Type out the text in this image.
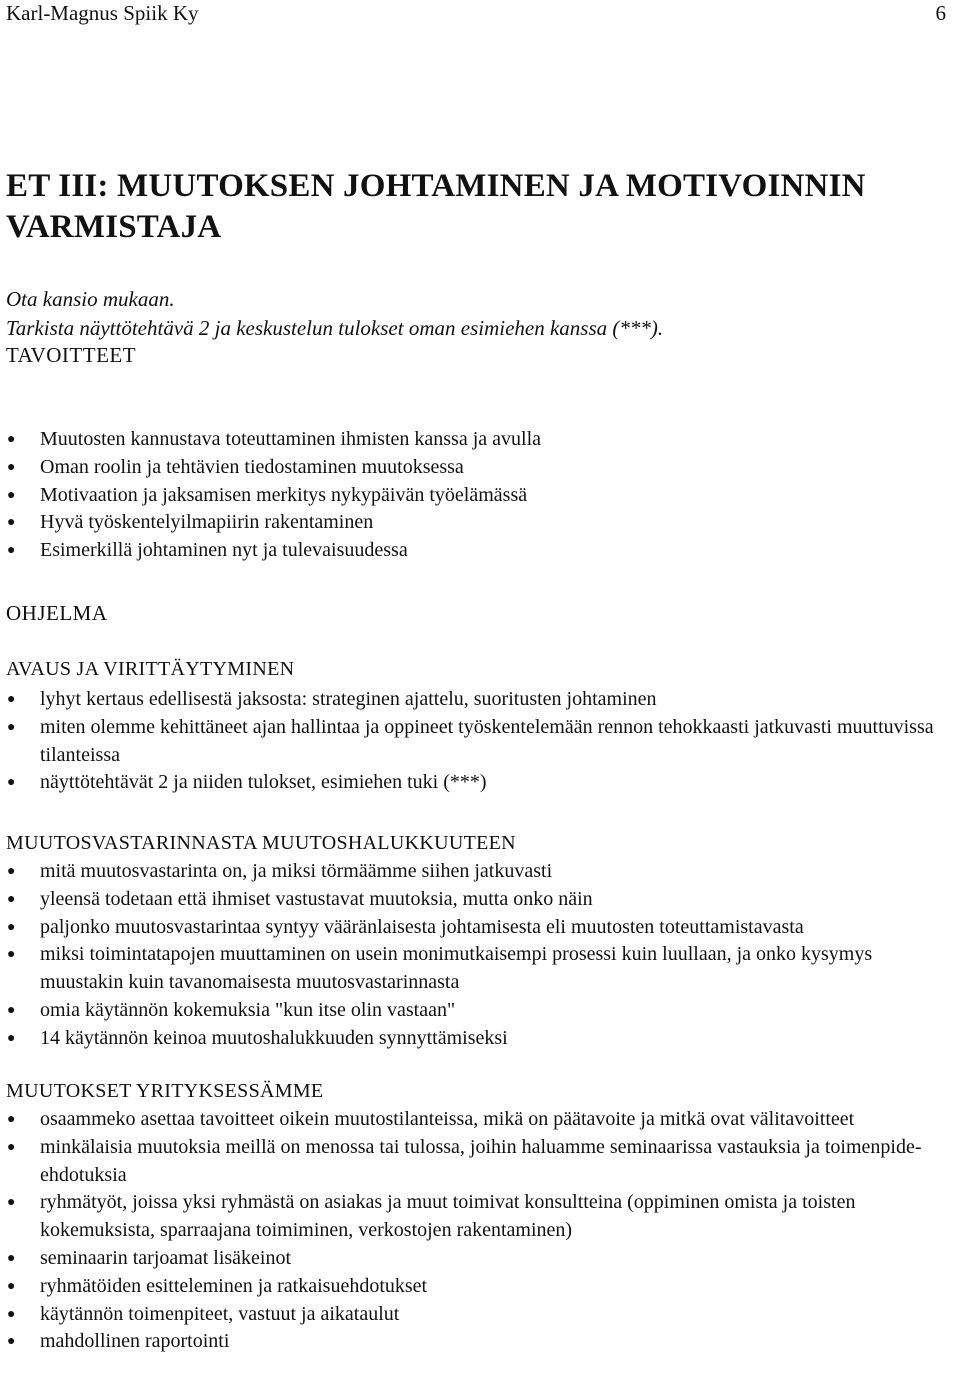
Karl-Magnus Spiik Ky	6
ET III: MUUTOKSEN JOHTAMINEN JA MOTIVOINNIN
VARMISTAJA
Ota kansio mukaan.
Tarkista näyttötehtävä 2 ja keskustelun tulokset oman esimiehen kanssa (***).
TAVOITTEET
● Muutosten kannustava toteuttaminen ihmisten kanssa ja avulla
● Oman roolin ja tehtävien tiedostaminen muutoksessa
● Motivaation ja jaksamisen merkitys nykypäivän työelämässä
● Hyvä työskentelyilmapiirin rakentaminen
● Esimerkillä johtaminen nyt ja tulevaisuudessa
OHJELMA
AVAUS JA VIRITTÄYTYMINEN
● lyhyt kertaus edellisestä jaksosta: strateginen ajattelu, suoritusten johtaminen
● miten olemme kehittäneet ajan hallintaa ja oppineet työskentelemään rennon tehokkaasti jatkuvasti muuttuvissa tilanteissa
● näyttötehtävät 2 ja niiden tulokset, esimiehen tuki (***)
MUUTOSVASTARINNASTA MUUTOSHALUKKUUTEEN
● mitä muutosvastarinta on, ja miksi törmäämme siihen jatkuvasti
● yleensä todetaan että ihmiset vastustavat muutoksia, mutta onko näin
● paljonko muutosvastarintaa syntyy vääränlaisesta johtamisesta eli muutosten toteuttamistavasta
● miksi toimintatapojen muuttaminen on usein monimutkaisempi prosessi kuin luullaan, ja onko kysymys muustakin kuin tavanomaisesta muutosvastarinnasta
● omia käytännön kokemuksia "kun itse olin vastaan"
● 14 käytännön keinoa muutoshalukkuuden synnyttämiseksi
MUUTOKSET YRITYKSESSÄMME
● osaammeko asettaa tavoitteet oikein muutostilanteissa, mikä on päätavoite ja mitkä ovat välitavoitteet
● minkälaisia muutoksia meillä on menossa tai tulossa, joihin haluamme seminaarissa vastauksia ja toimenpide-ehdotuksia
● ryhmätyöt, joissa yksi ryhmästä on asiakas ja muut toimivat konsultteina (oppiminen omista ja toisten kokemuksista, sparraajana toimiminen, verkostojen rakentaminen)
● seminaarin tarjoamat lisäkeinot
● ryhmätöiden esitteleminen ja ratkaisuehdotukset
● käytännön toimenpiteet, vastuut ja aikataulut
● mahdollinen raportointi
